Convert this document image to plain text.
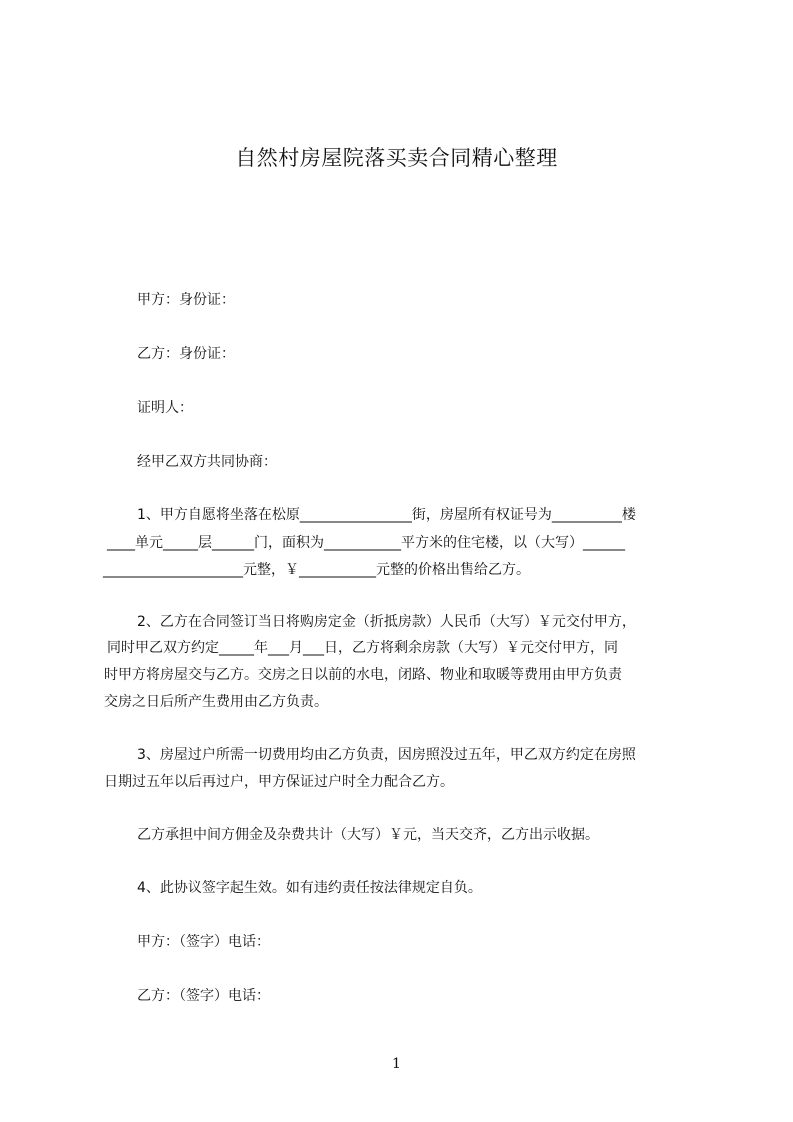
自然村房屋院落买卖合同精心整理
甲方：身份证：
乙方：身份证：
证明人：
经甲乙双方共同协商：
1、甲方自愿将坐落在松原________________街，房屋所有权证号为__________楼
____单元_____层______门，面积为___________平方米的住宅楼，以（大写）______
____________________元整，￥___________元整的价格出售给乙方。
2、乙方在合同签订当日将购房定金（折抵房款）人民币（大写）￥元交付甲方，
同时甲乙双方约定_____年___月___日，乙方将剩余房款（大写）￥元交付甲方，同
时甲方将房屋交与乙方。交房之日以前的水电，闭路、物业和取暖等费用由甲方负责
交房之日后所产生费用由乙方负责。
3、房屋过户所需一切费用均由乙方负责，因房照没过五年，甲乙双方约定在房照
日期过五年以后再过户，甲方保证过户时全力配合乙方。
乙方承担中间方佣金及杂费共计（大写）￥元，当天交齐，乙方出示收据。
4、此协议签字起生效。如有违约责任按法律规定自负。
甲方：（签字）电话：
乙方：（签字）电话：
1
